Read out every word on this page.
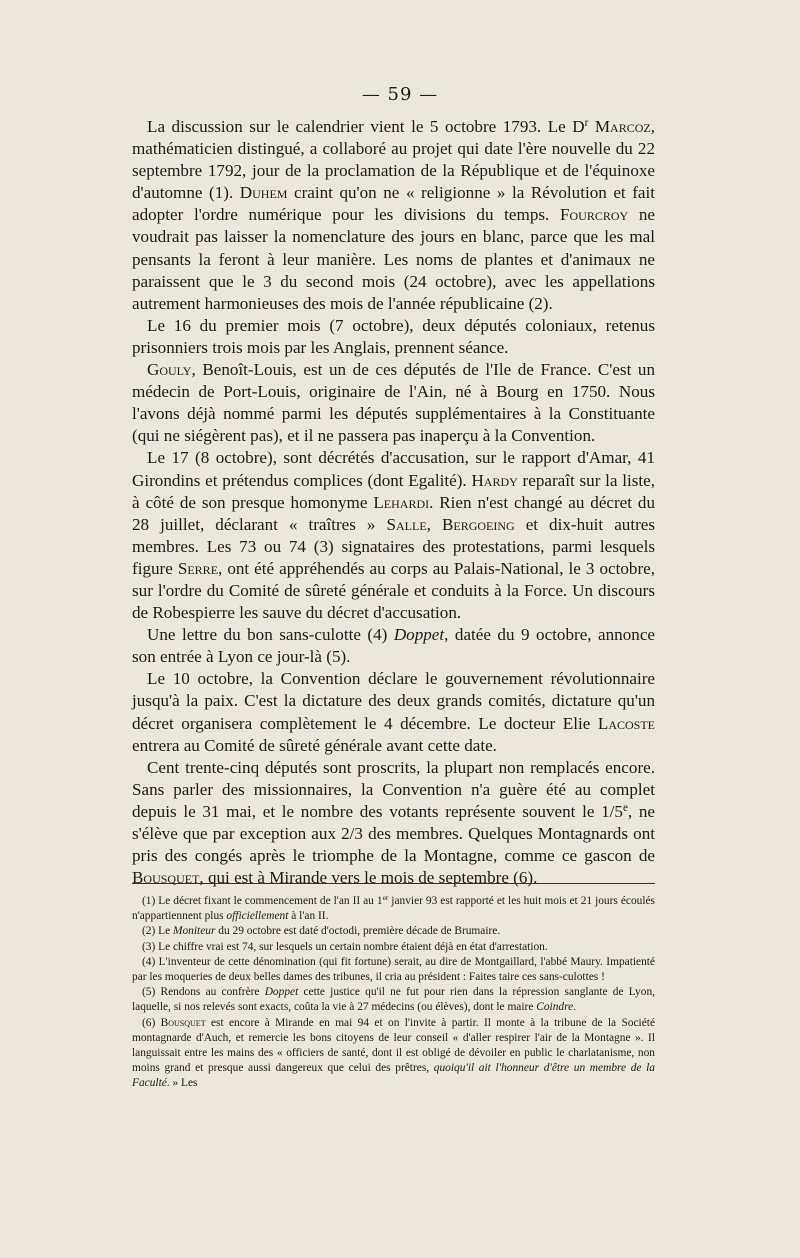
— 59 —

La discussion sur le calendrier vient le 5 octobre 1793. Le $D^r$ Marcoz, mathématicien distingué, a collaboré au projet qui date l'ère nouvelle du 22 septembre 1792, jour de la proclamation de la République et de l'équinoxe d'automne (1). Duhem craint qu'on ne « religionne » la Révolution et fait adopter l'ordre numérique pour les divisions du temps. Fourcroy ne voudrait pas laisser la nomenclature des jours en blanc, parce que les mal pensants la feront à leur manière. Les noms de plantes et d'animaux ne paraissent que le 3 du second mois (24 octobre), avec les appellations autrement harmonieuses des mois de l'année républicaine (2).

Le 16 du premier mois (7 octobre), deux députés coloniaux, retenus prisonniers trois mois par les Anglais, prennent séance.

Gouly, Benoît-Louis, est un de ces députés de l'Ile de France. C'est un médecin de Port-Louis, originaire de l'Ain, né à Bourg en 1750. Nous l'avons déjà nommé parmi les députés supplémentaires à la Constituante (qui ne siégèrent pas), et il ne passera pas inaperçu à la Convention.

Le 17 (8 octobre), sont décrétés d'accusation, sur le rapport d'Amar, 41 Girondins et prétendus complices (dont Egalité). Hardy reparaît sur la liste, à côté de son presque homonyme Lehardi. Rien n'est changé au décret du 28 juillet, déclarant « traîtres » Salle, Bergoeing et dix-huit autres membres. Les 73 ou 74 (3) signataires des protestations, parmi lesquels figure Serre, ont été appréhendés au corps au Palais-National, le 3 octobre, sur l'ordre du Comité de sûreté générale et conduits à la Force. Un discours de Robespierre les sauve du décret d'accusation.

Une lettre du bon sans-culotte (4) Doppet, datée du 9 octobre, annonce son entrée à Lyon ce jour-là (5).

Le 10 octobre, la Convention déclare le gouvernement révolutionnaire jusqu'à la paix. C'est la dictature des deux grands comités, dictature qu'un décret organisera complètement le 4 décembre. Le docteur Elie Lacoste entrera au Comité de sûreté générale avant cette date.

Cent trente-cinq députés sont proscrits, la plupart non remplacés encore. Sans parler des missionnaires, la Convention n'a guère été au complet depuis le 31 mai, et le nombre des votants représente souvent le 1/5e, ne s'élève que par exception aux 2/3 des membres. Quelques Montagnards ont pris des congés après le triomphe de la Montagne, comme ce gascon de Bousquet, qui est à Mirande vers le mois de septembre (6).

(1) Le décret fixant le commencement de l'an II au 1er janvier 93 est rapporté et les huit mois et 21 jours écoulés n'appartiennent plus officiellement à l'an II.

(2) Le Moniteur du 29 octobre est daté d'octodi, première décade de Brumaire.

(3) Le chiffre vrai est 74, sur lesquels un certain nombre étaient déjà en état d'arrestation.

(4) L'inventeur de cette dénomination (qui fit fortune) serait, au dire de Montgaillard, l'abbé Maury. Impatienté par les moqueries de deux belles dames des tribunes, il cria au président : Faites taire ces sans-culottes !

(5) Rendons au confrère Doppet cette justice qu'il ne fut pour rien dans la répression sanglante de Lyon, laquelle, si nos relevés sont exacts, coûta la vie à 27 médecins (ou élèves), dont le maire Coindre.

(6) Bousquet est encore à Mirande en mai 94 et on l'invite à partir. Il monte à la tribune de la Société montagnarde d'Auch, et remercie les bons citoyens de leur conseil « d'aller respirer l'air de la Montagne ». Il languissait entre les mains des « officiers de santé, dont il est obligé de dévoiler en public le charlatanisme, non moins grand et presque aussi dangereux que celui des prêtres, quoiqu'il ait l'honneur d'être un membre de la Faculté. » Les
